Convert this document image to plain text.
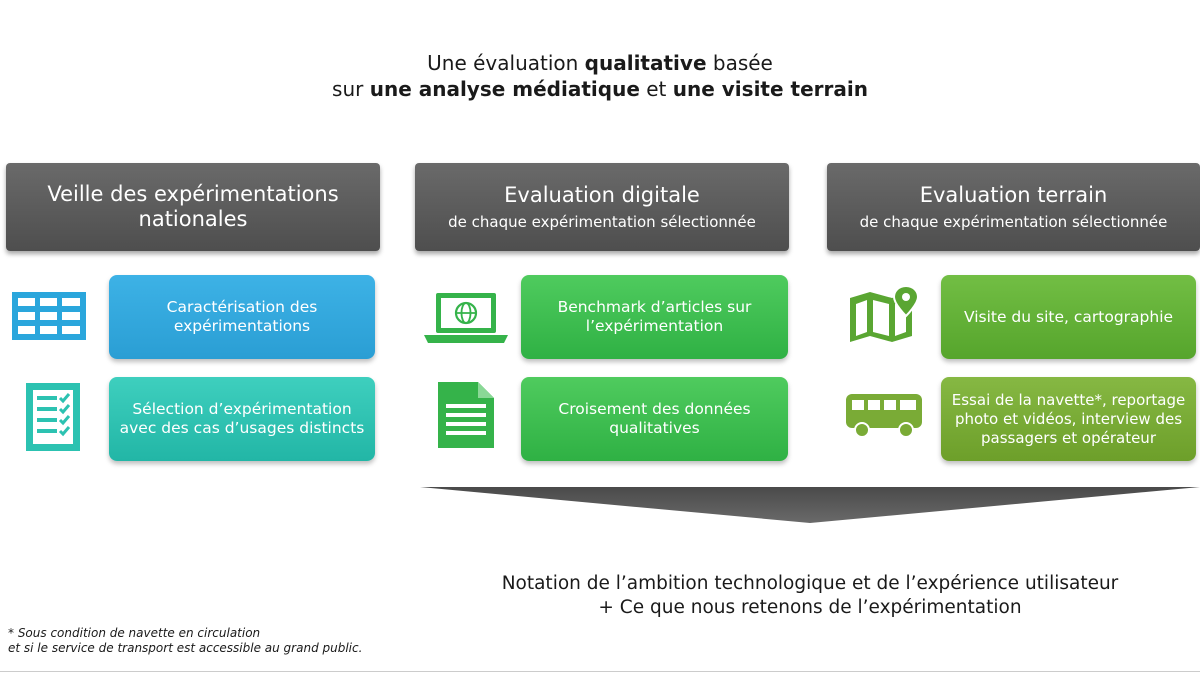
Une évaluation qualitative basée
sur une analyse médiatique et une visite terrain
Veille des expérimentations nationales
Evaluation digitale
de chaque expérimentation sélectionnée
Evaluation terrain
de chaque expérimentation sélectionnée
Caractérisation des expérimentations
Sélection d’expérimentation avec des cas d’usages distincts
Benchmark d’articles sur l’expérimentation
Croisement des données qualitatives
Visite du site, cartographie
Essai de la navette*, reportage photo et vidéos, interview des passagers et opérateur
Notation de l’ambition technologique et de l’expérience utilisateur
+ Ce que nous retenons de l’expérimentation
* Sous condition de navette en circulation
et si le service de transport est accessible au grand public.
